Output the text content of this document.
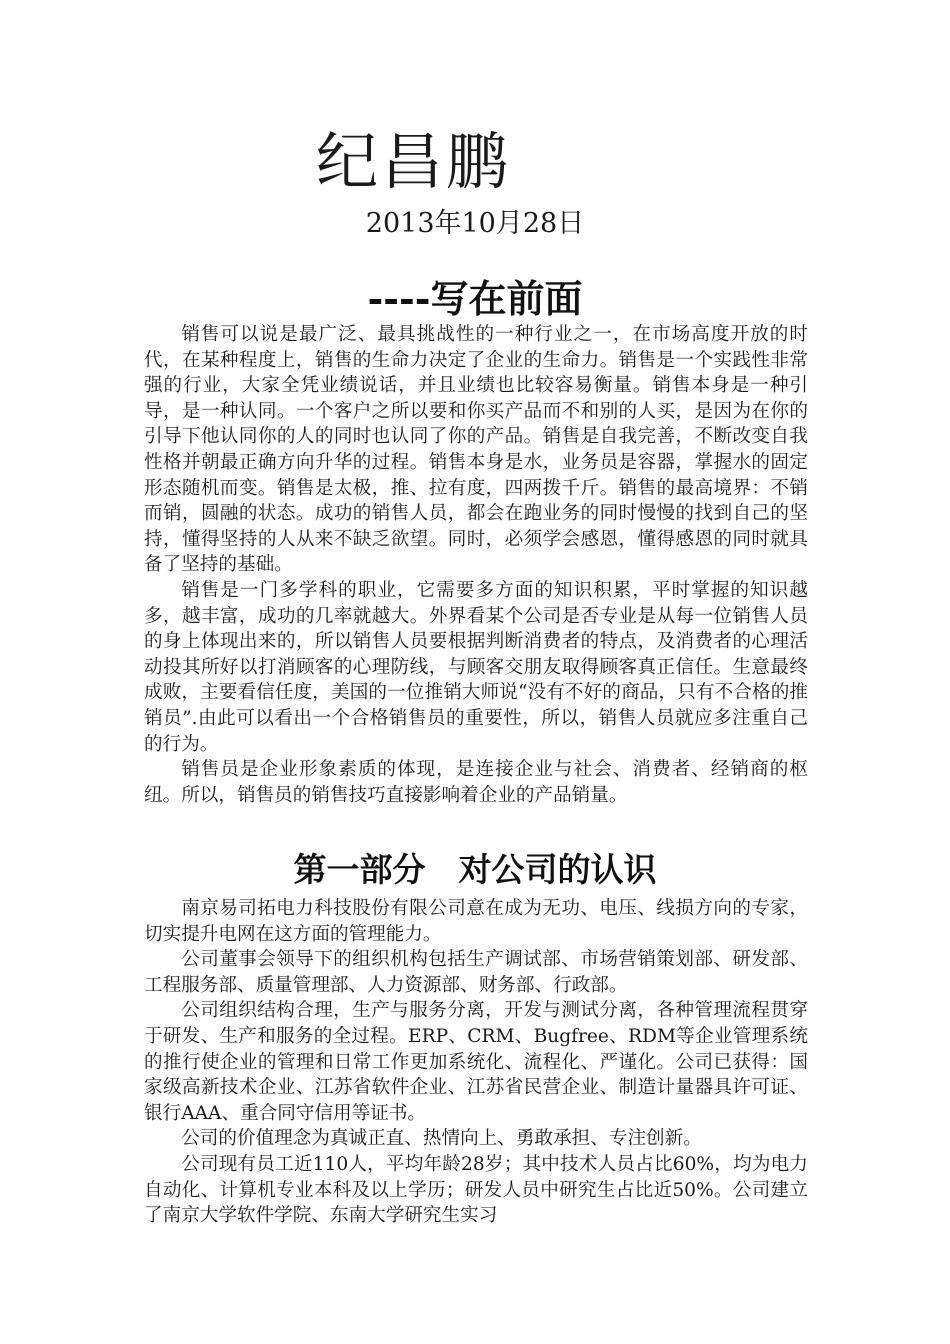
纪昌鹏
2013年10月28日
----写在前面

销售可以说是最广泛、最具挑战性的一种行业之一，在市场高度开放的时代，在某种程度上，销售的生命力决定了企业的生命力。销售是一个实践性非常强的行业，大家全凭业绩说话，并且业绩也比较容易衡量。销售本身是一种引导，是一种认同。一个客户之所以要和你买产品而不和别的人买，是因为在你的引导下他认同你的人的同时也认同了你的产品。销售是自我完善，不断改变自我性格并朝最正确方向升华的过程。销售本身是水，业务员是容器，掌握水的固定形态随机而变。销售是太极，推、拉有度，四两拨千斤。销售的最高境界：不销而销，圆融的状态。成功的销售人员，都会在跑业务的同时慢慢的找到自己的坚持，懂得坚持的人从来不缺乏欲望。同时，必须学会感恩，懂得感恩的同时就具备了坚持的基础。

销售是一门多学科的职业，它需要多方面的知识积累，平时掌握的知识越多，越丰富，成功的几率就越大。外界看某个公司是否专业是从每一位销售人员的身上体现出来的，所以销售人员要根据判断消费者的特点，及消费者的心理活动投其所好以打消顾客的心理防线，与顾客交朋友取得顾客真正信任。生意最终成败，主要看信任度，美国的一位推销大师说“没有不好的商品，只有不合格的推销员”.由此可以看出一个合格销售员的重要性，所以，销售人员就应多注重自己的行为。

销售员是企业形象素质的体现，是连接企业与社会、消费者、经销商的枢纽。所以，销售员的销售技巧直接影响着企业的产品销量。

第一部分　对公司的认识

南京易司拓电力科技股份有限公司意在成为无功、电压、线损方向的专家，切实提升电网在这方面的管理能力。

公司董事会领导下的组织机构包括生产调试部、市场营销策划部、研发部、工程服务部、质量管理部、人力资源部、财务部、行政部。

公司组织结构合理，生产与服务分离，开发与测试分离，各种管理流程贯穿于研发、生产和服务的全过程。ERP、CRM、Bugfree、RDM等企业管理系统的推行使企业的管理和日常工作更加系统化、流程化、严谨化。公司已获得：国家级高新技术企业、江苏省软件企业、江苏省民营企业、制造计量器具许可证、银行AAA、重合同守信用等证书。

公司的价值理念为真诚正直、热情向上、勇敢承担、专注创新。

公司现有员工近110人，平均年龄28岁；其中技术人员占比60%，均为电力自动化、计算机专业本科及以上学历；研发人员中研究生占比近50%。公司建立了南京大学软件学院、东南大学研究生实习
